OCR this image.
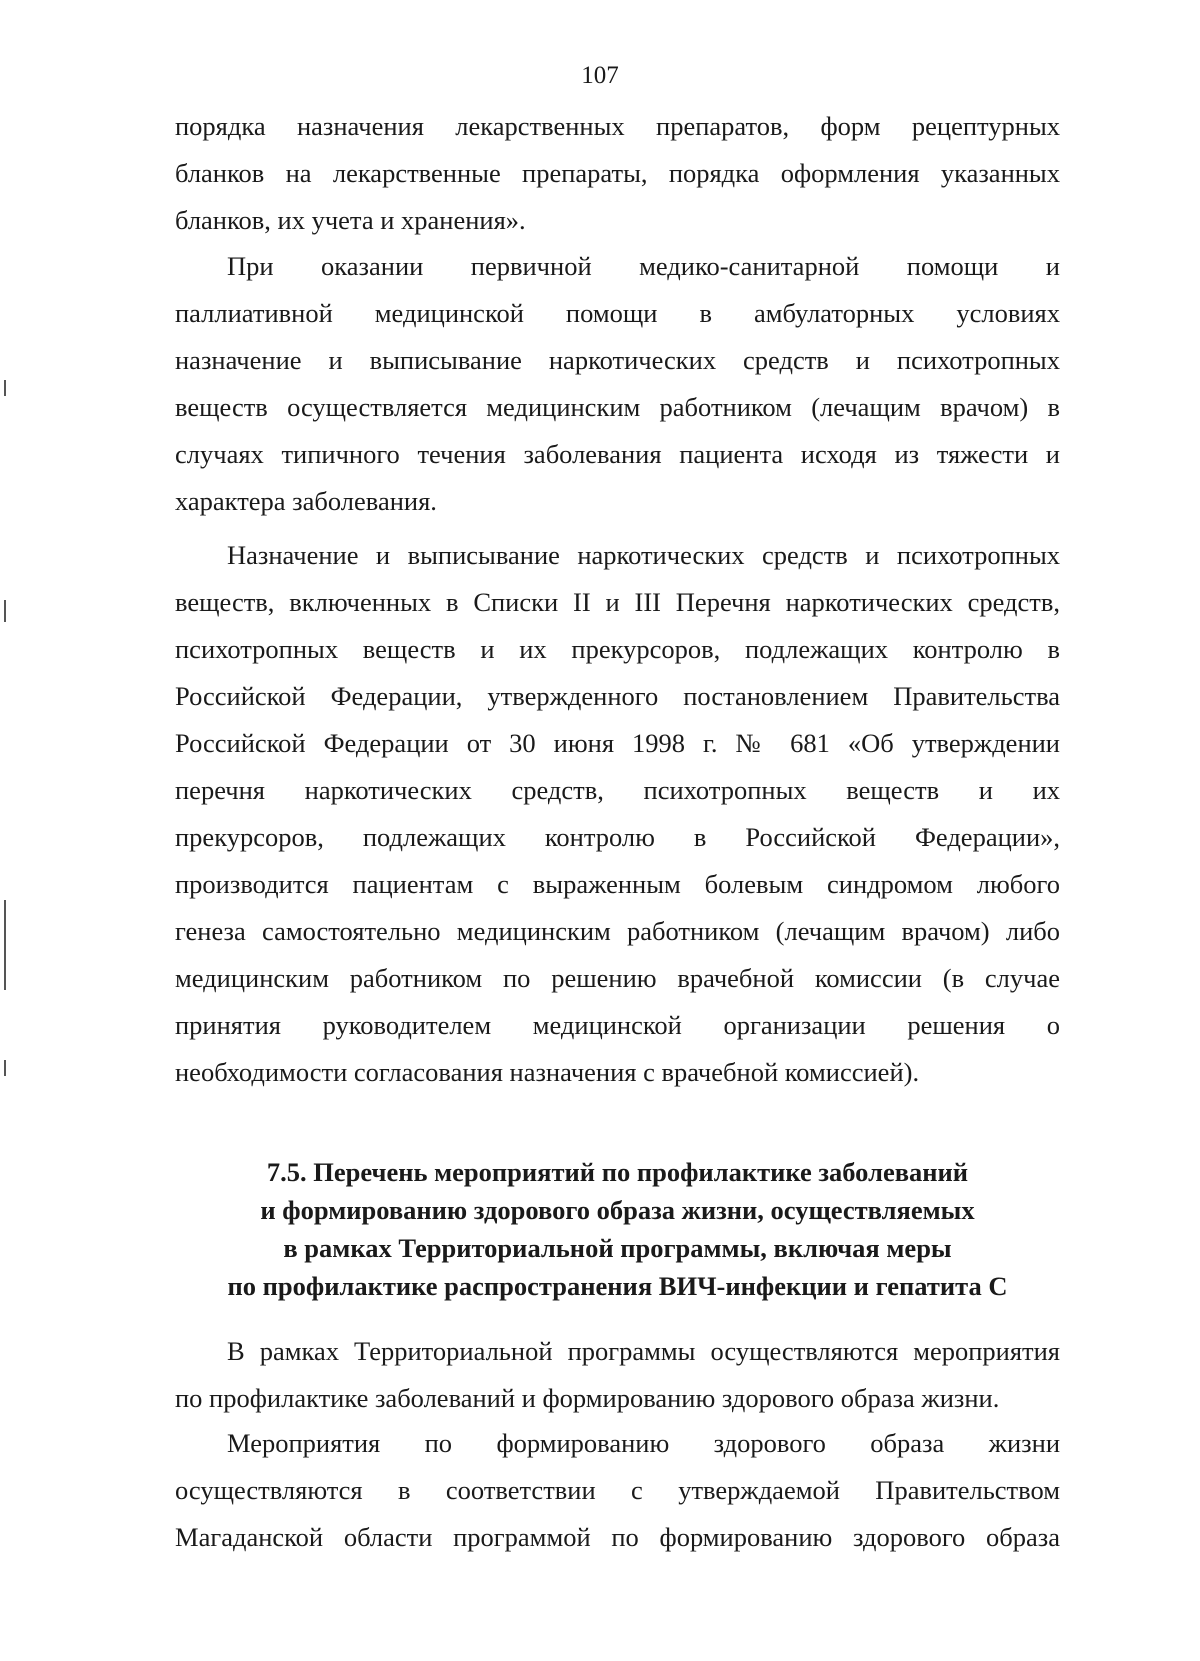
107

порядка назначения лекарственных препаратов, форм рецептурных
бланков на лекарственные препараты, порядка оформления указанных
бланков, их учета и хранения».

При оказании первичной медико-санитарной помощи и
паллиативной медицинской помощи в амбулаторных условиях
назначение и выписывание наркотических средств и психотропных
веществ осуществляется медицинским работником (лечащим врачом) в
случаях типичного течения заболевания пациента исходя из тяжести и
характера заболевания.

Назначение и выписывание наркотических средств и психотропных
веществ, включенных в Списки II и III Перечня наркотических средств,
психотропных веществ и их прекурсоров, подлежащих контролю в
Российской Федерации, утвержденного постановлением Правительства
Российской Федерации от 30 июня 1998 г. № 681 «Об утверждении
перечня наркотических средств, психотропных веществ и их
прекурсоров, подлежащих контролю в Российской Федерации»,
производится пациентам с выраженным болевым синдромом любого
генеза самостоятельно медицинским работником (лечащим врачом) либо
медицинским работником по решению врачебной комиссии (в случае
принятия руководителем медицинской организации решения о
необходимости согласования назначения с врачебной комиссией).

7.5. Перечень мероприятий по профилактике заболеваний
и формированию здорового образа жизни, осуществляемых
в рамках Территориальной программы, включая меры
по профилактике распространения ВИЧ-инфекции и гепатита С

В рамках Территориальной программы осуществляются мероприятия
по профилактике заболеваний и формированию здорового образа жизни.

Мероприятия по формированию здорового образа жизни
осуществляются в соответствии с утверждаемой Правительством
Магаданской области программой по формированию здорового образа
